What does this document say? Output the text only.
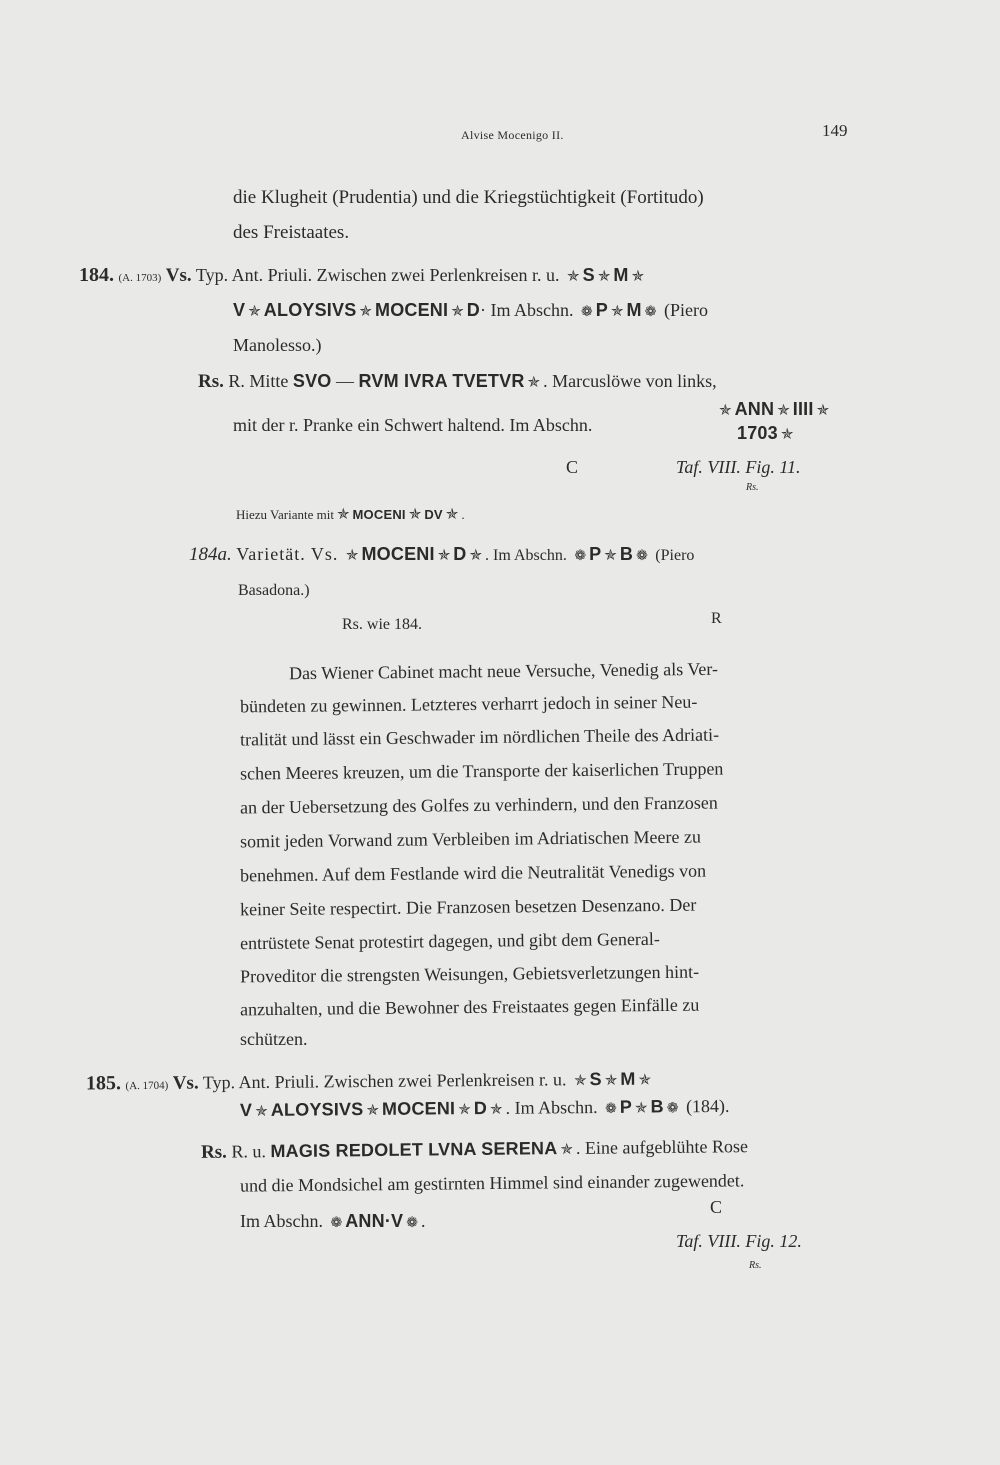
Alvise Mocenigo II.	149
die Klugheit (Prudentia) und die Kriegstüchtigkeit (Fortitudo)
des Freistaates.
184. (A. 1703) Vs. Typ. Ant. Priuli. Zwischen zwei Perlenkreisen r. u. ✯ S ✯ M ✯
V ✯ ALOYSIVS ✯ MOCENI ✯ D· Im Abschn. ❁ P ✯ M ❁ (Piero
Manolesso.)
Rs. R. Mitte SVO — RVM IVRA TVETVR ✯ . Marcuslöwe von links,
mit der r. Pranke ein Schwert haltend. Im Abschn.
✯ ANN ✯ IIII ✯
1703 ✯
C	Taf. VIII. Fig. 11.
Rs.
Hiezu Variante mit ✯ MOCENI ✯ DV ✯ .
184a. Varietät. Vs. ✯ MOCENI ✯ D ✯ . Im Abschn. ❁ P ✯ B ❁ (Piero
Basadona.)
Rs. wie 184.	R
Das Wiener Cabinet macht neue Versuche, Venedig als Ver-
bündeten zu gewinnen. Letzteres verharrt jedoch in seiner Neu-
tralität und lässt ein Geschwader im nördlichen Theile des Adriati-
schen Meeres kreuzen, um die Transporte der kaiserlichen Truppen
an der Uebersetzung des Golfes zu verhindern, und den Franzosen
somit jeden Vorwand zum Verbleiben im Adriatischen Meere zu
benehmen. Auf dem Festlande wird die Neutralität Venedigs von
keiner Seite respectirt. Die Franzosen besetzen Desenzano. Der
entrüstete Senat protestirt dagegen, und gibt dem General-
Proveditor die strengsten Weisungen, Gebietsverletzungen hint-
anzuhalten, und die Bewohner des Freistaates gegen Einfälle zu
schützen.
185. (A. 1704) Vs. Typ. Ant. Priuli. Zwischen zwei Perlenkreisen r. u. ✯ S ✯ M ✯
V ✯ ALOYSIVS ✯ MOCENI ✯ D ✯ . Im Abschn. ❁ P ✯ B ❁ (184).
Rs. R. u. MAGIS REDOLET LVNA SERENA ✯ . Eine aufgeblühte Rose
und die Mondsichel am gestirnten Himmel sind einander zugewendet.
Im Abschn. ❁ ANN·V ❁ .
C
Taf. VIII. Fig. 12.
Rs.
